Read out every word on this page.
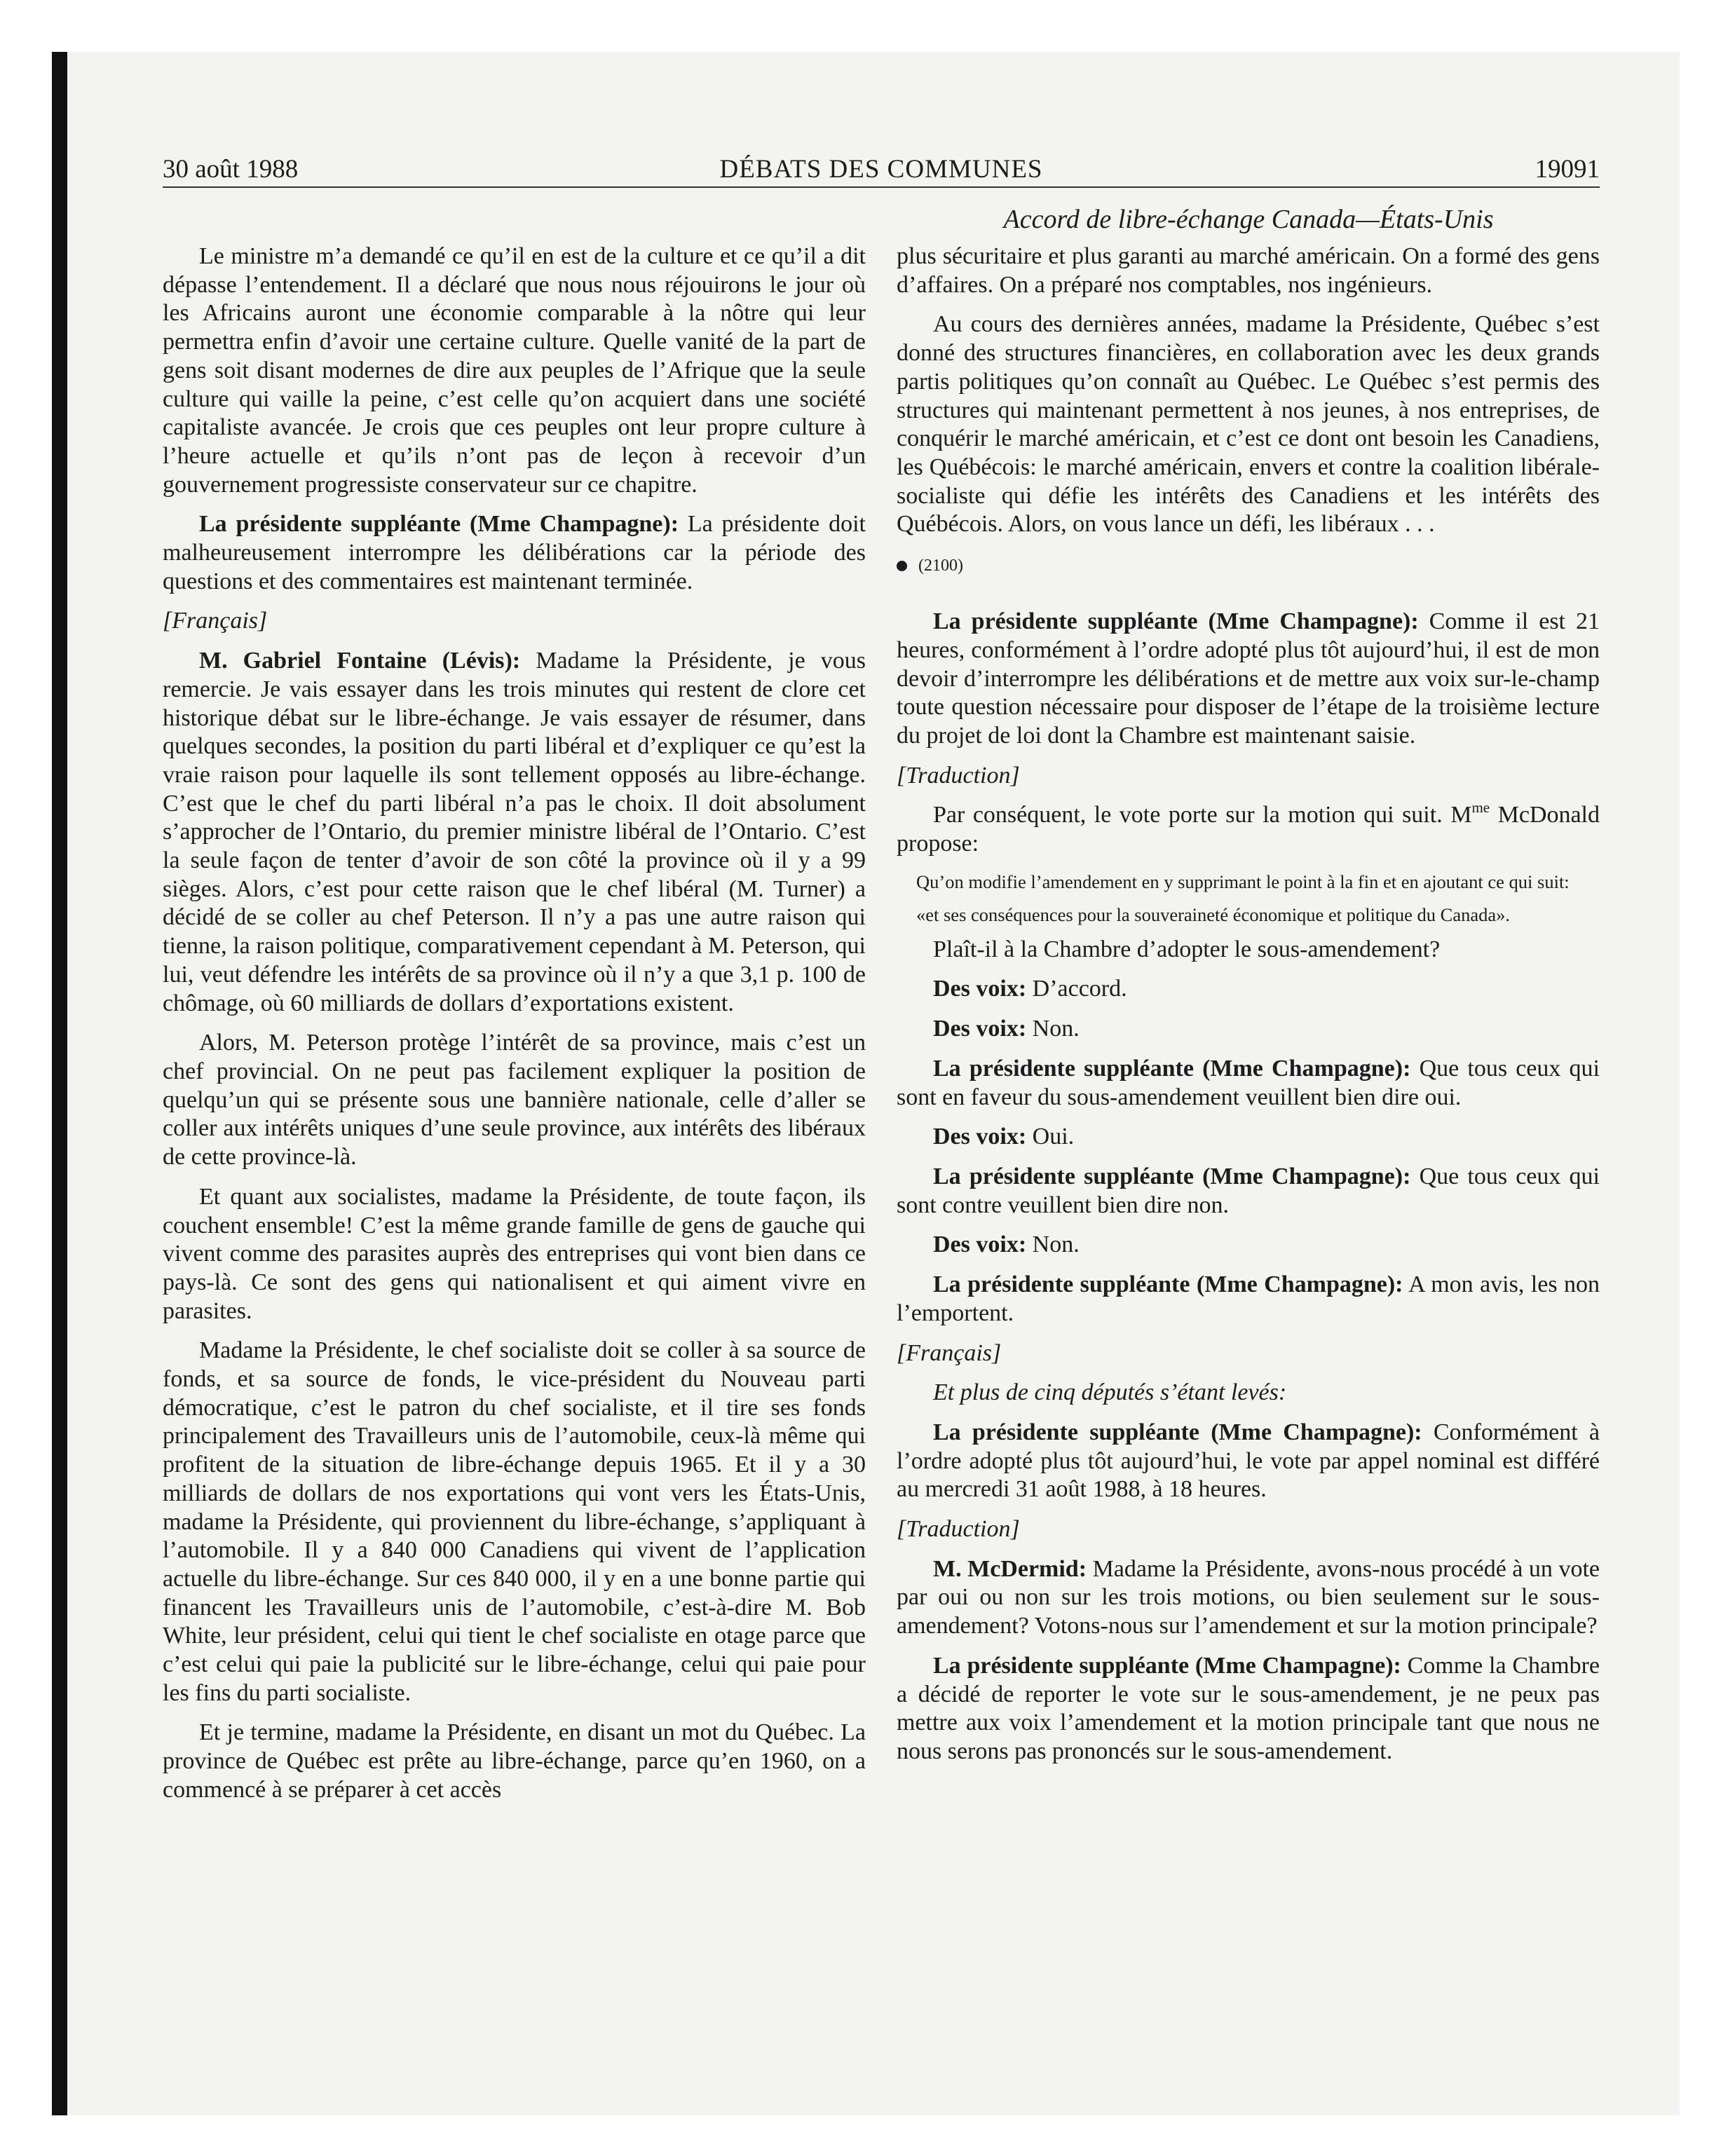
30 août 1988	DÉBATS DES COMMUNES	19091
Accord de libre-échange Canada—États-Unis

Le ministre m’a demandé ce qu’il en est de la culture et ce qu’il a dit dépasse l’entendement. Il a déclaré que nous nous réjouirons le jour où les Africains auront une économie comparable à la nôtre qui leur permettra enfin d’avoir une certaine culture. Quelle vanité de la part de gens soit disant modernes de dire aux peuples de l’Afrique que la seule culture qui vaille la peine, c’est celle qu’on acquiert dans une société capitaliste avancée. Je crois que ces peuples ont leur propre culture à l’heure actuelle et qu’ils n’ont pas de leçon à recevoir d’un gouvernement progressiste conservateur sur ce chapitre.

La présidente suppléante (Mme Champagne): La présidente doit malheureusement interrompre les délibérations car la période des questions et des commentaires est maintenant terminée.

[Français]

M. Gabriel Fontaine (Lévis): Madame la Présidente, je vous remercie. Je vais essayer dans les trois minutes qui restent de clore cet historique débat sur le libre-échange. Je vais essayer de résumer, dans quelques secondes, la position du parti libéral et d’expliquer ce qu’est la vraie raison pour laquelle ils sont tellement opposés au libre-échange. C’est que le chef du parti libéral n’a pas le choix. Il doit absolument s’approcher de l’Ontario, du premier ministre libéral de l’Ontario. C’est la seule façon de tenter d’avoir de son côté la province où il y a 99 sièges. Alors, c’est pour cette raison que le chef libéral (M. Turner) a décidé de se coller au chef Peterson. Il n’y a pas une autre raison qui tienne, la raison politique, comparativement cependant à M. Peterson, qui lui, veut défendre les intérêts de sa province où il n’y a que 3,1 p. 100 de chômage, où 60 milliards de dollars d’exportations existent.

Alors, M. Peterson protège l’intérêt de sa province, mais c’est un chef provincial. On ne peut pas facilement expliquer la position de quelqu’un qui se présente sous une bannière nationale, celle d’aller se coller aux intérêts uniques d’une seule province, aux intérêts des libéraux de cette province-là.

Et quant aux socialistes, madame la Présidente, de toute façon, ils couchent ensemble! C’est la même grande famille de gens de gauche qui vivent comme des parasites auprès des entreprises qui vont bien dans ce pays-là. Ce sont des gens qui nationalisent et qui aiment vivre en parasites.

Madame la Présidente, le chef socialiste doit se coller à sa source de fonds, et sa source de fonds, le vice-président du Nouveau parti démocratique, c’est le patron du chef socialiste, et il tire ses fonds principalement des Travailleurs unis de l’automobile, ceux-là même qui profitent de la situation de libre-échange depuis 1965. Et il y a 30 milliards de dollars de nos exportations qui vont vers les États-Unis, madame la Présidente, qui proviennent du libre-échange, s’appliquant à l’automobile. Il y a 840 000 Canadiens qui vivent de l’application actuelle du libre-échange. Sur ces 840 000, il y en a une bonne partie qui financent les Travailleurs unis de l’automobile, c’est-à-dire M. Bob White, leur président, celui qui tient le chef socialiste en otage parce que c’est celui qui paie la publicité sur le libre-échange, celui qui paie pour les fins du parti socialiste.

Et je termine, madame la Présidente, en disant un mot du Québec. La province de Québec est prête au libre-échange, parce qu’en 1960, on a commencé à se préparer à cet accès

plus sécuritaire et plus garanti au marché américain. On a formé des gens d’affaires. On a préparé nos comptables, nos ingénieurs.

Au cours des dernières années, madame la Présidente, Québec s’est donné des structures financières, en collaboration avec les deux grands partis politiques qu’on connaît au Québec. Le Québec s’est permis des structures qui maintenant permettent à nos jeunes, à nos entreprises, de conquérir le marché américain, et c’est ce dont ont besoin les Canadiens, les Québécois: le marché américain, envers et contre la coalition libérale-socialiste qui défie les intérêts des Canadiens et les intérêts des Québécois. Alors, on vous lance un défi, les libéraux . . .

(2100)

La présidente suppléante (Mme Champagne): Comme il est 21 heures, conformément à l’ordre adopté plus tôt aujourd’hui, il est de mon devoir d’interrompre les délibérations et de mettre aux voix sur-le-champ toute question nécessaire pour disposer de l’étape de la troisième lecture du projet de loi dont la Chambre est maintenant saisie.

[Traduction]

Par conséquent, le vote porte sur la motion qui suit. $M^{me}$ McDonald propose:

Qu’on modifie l’amendement en y supprimant le point à la fin et en ajoutant ce qui suit:

«et ses conséquences pour la souveraineté économique et politique du Canada».

Plaît-il à la Chambre d’adopter le sous-amendement?

Des voix: D’accord.

Des voix: Non.

La présidente suppléante (Mme Champagne): Que tous ceux qui sont en faveur du sous-amendement veuillent bien dire oui.

Des voix: Oui.

La présidente suppléante (Mme Champagne): Que tous ceux qui sont contre veuillent bien dire non.

Des voix: Non.

La présidente suppléante (Mme Champagne): A mon avis, les non l’emportent.

[Français]

Et plus de cinq députés s’étant levés:

La présidente suppléante (Mme Champagne): Conformément à l’ordre adopté plus tôt aujourd’hui, le vote par appel nominal est différé au mercredi 31 août 1988, à 18 heures.

[Traduction]

M. McDermid: Madame la Présidente, avons-nous procédé à un vote par oui ou non sur les trois motions, ou bien seulement sur le sous-amendement? Votons-nous sur l’amendement et sur la motion principale?

La présidente suppléante (Mme Champagne): Comme la Chambre a décidé de reporter le vote sur le sous-amendement, je ne peux pas mettre aux voix l’amendement et la motion principale tant que nous ne nous serons pas prononcés sur le sous-amendement.
